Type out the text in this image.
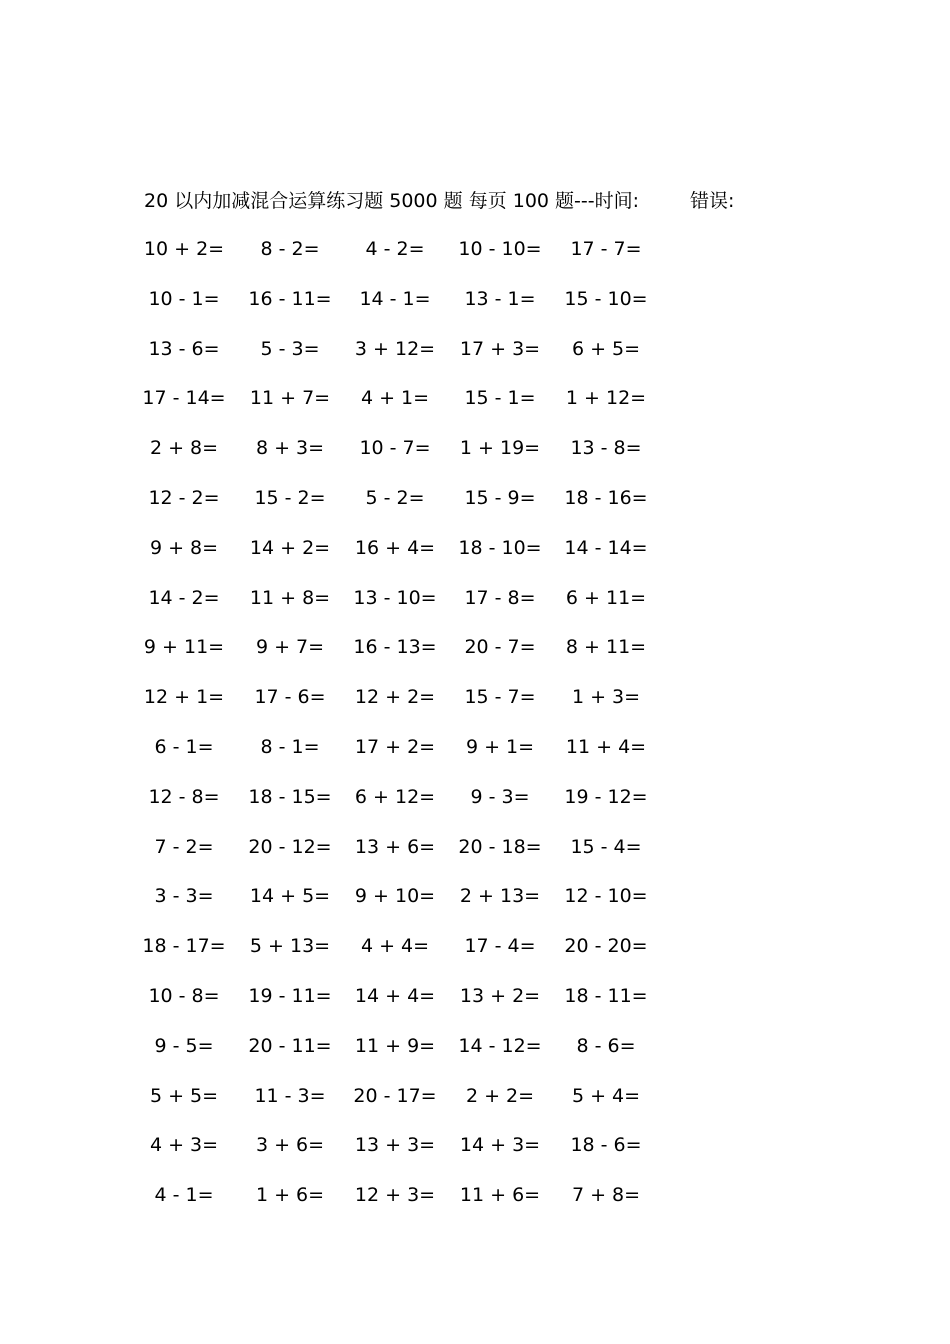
20 以内加减混合运算练习题 5000 题 每页 100 题---时间:	错误:
10 + 2= 8 - 2= 4 - 2= 10 - 10= 17 - 7=
10 - 1= 16 - 11= 14 - 1= 13 - 1= 15 - 10=
13 - 6= 5 - 3= 3 + 12= 17 + 3= 6 + 5=
17 - 14= 11 + 7= 4 + 1= 15 - 1= 1 + 12=
2 + 8= 8 + 3= 10 - 7= 1 + 19= 13 - 8=
12 - 2= 15 - 2= 5 - 2= 15 - 9= 18 - 16=
9 + 8= 14 + 2= 16 + 4= 18 - 10= 14 - 14=
14 - 2= 11 + 8= 13 - 10= 17 - 8= 6 + 11=
9 + 11= 9 + 7= 16 - 13= 20 - 7= 8 + 11=
12 + 1= 17 - 6= 12 + 2= 15 - 7= 1 + 3=
6 - 1= 8 - 1= 17 + 2= 9 + 1= 11 + 4=
12 - 8= 18 - 15= 6 + 12= 9 - 3= 19 - 12=
7 - 2= 20 - 12= 13 + 6= 20 - 18= 15 - 4=
3 - 3= 14 + 5= 9 + 10= 2 + 13= 12 - 10=
18 - 17= 5 + 13= 4 + 4= 17 - 4= 20 - 20=
10 - 8= 19 - 11= 14 + 4= 13 + 2= 18 - 11=
9 - 5= 20 - 11= 11 + 9= 14 - 12= 8 - 6=
5 + 5= 11 - 3= 20 - 17= 2 + 2= 5 + 4=
4 + 3= 3 + 6= 13 + 3= 14 + 3= 18 - 6=
4 - 1= 1 + 6= 12 + 3= 11 + 6= 7 + 8=
